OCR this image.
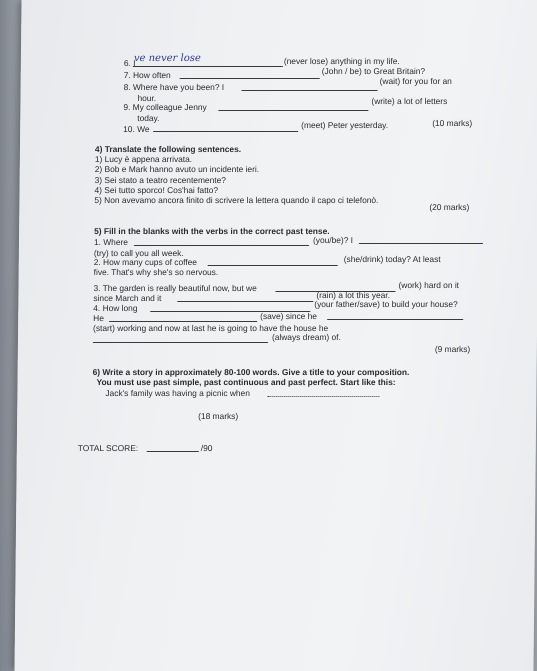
6. I
ve never lose	(never lose) anything in my life.
7. How often	(John / be) to Great Britain?
8. Where have you been? I
(wait) for you for an
hour.
9. My colleague Jenny
(write) a lot of letters
today.
10. We	(meet) Peter yesterday.	(10 marks)
4) Translate the following sentences.
1) Lucy è appena arrivata.
2) Bob e Mark hanno avuto un incidente ieri.
3) Sei stato a teatro recentemente?
4) Sei tutto sporco! Cos'hai fatto?
5) Non avevamo ancora finito di scrivere la lettera quando il capo ci telefonò.
(20 marks)
5) Fill in the blanks with the verbs in the correct past tense.
1. Where	(you/be)? I
(try) to call you all week.
2. How many cups of coffee	(she/drink) today? At least
five. That's why she's so nervous.
3. The garden is really beautiful now, but we	(work) hard on it
since March and it	(rain) a lot this year.
4. How long	(your father/save) to build your house?
He	(save) since he
(start) working and now at last he is going to have the house he
(always dream) of.
(9 marks)
6) Write a story in approximately 80-100 words. Give a title to your composition.
You must use past simple, past continuous and past perfect. Start like this:
Jack's family was having a picnic when
(18 marks)
TOTAL SCORE:	/90
